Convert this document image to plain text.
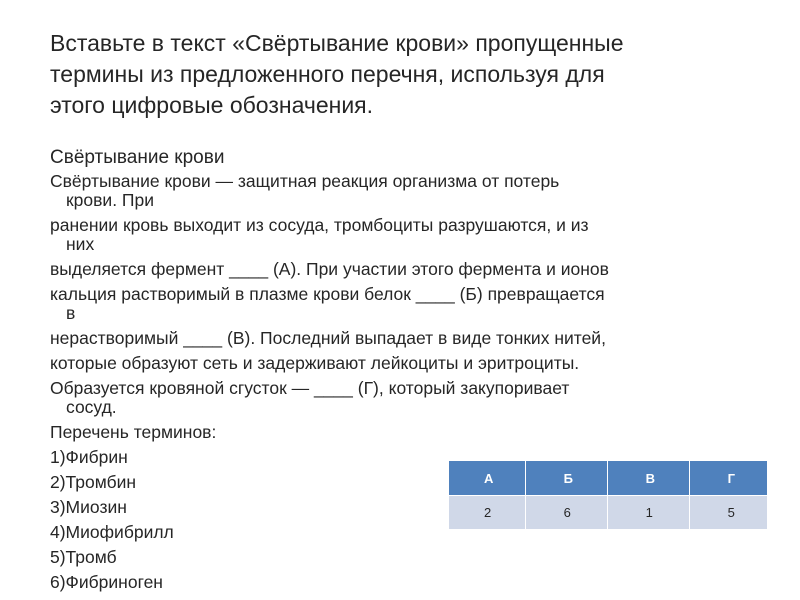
Вставьте в текст «Свёртывание крови» пропущенные
термины из предложенного перечня, используя для
этого цифровые обозначения.

Свёртывание крови

Свёртывание крови — защитная реакция организма от потерь
крови. При

ранении кровь выходит из сосуда, тромбоциты разрушаются, и из
них

выделяется фермент ____ (А). При участии этого фермента и ионов

кальция растворимый в плазме крови белок ____ (Б) превращается
в

нерастворимый ____ (В). Последний выпадает в виде тонких нитей,

которые образуют сеть и задерживают лейкоциты и эритроциты.

Образуется кровяной сгусток — ____ (Г), который закупоривает
сосуд.

Перечень терминов:

1)Фибрин

2)Тромбин

3)Миозин

4)Миофибрилл

5)Тромб

6)Фибриноген

А	Б	В	Г
2	6	1	5
